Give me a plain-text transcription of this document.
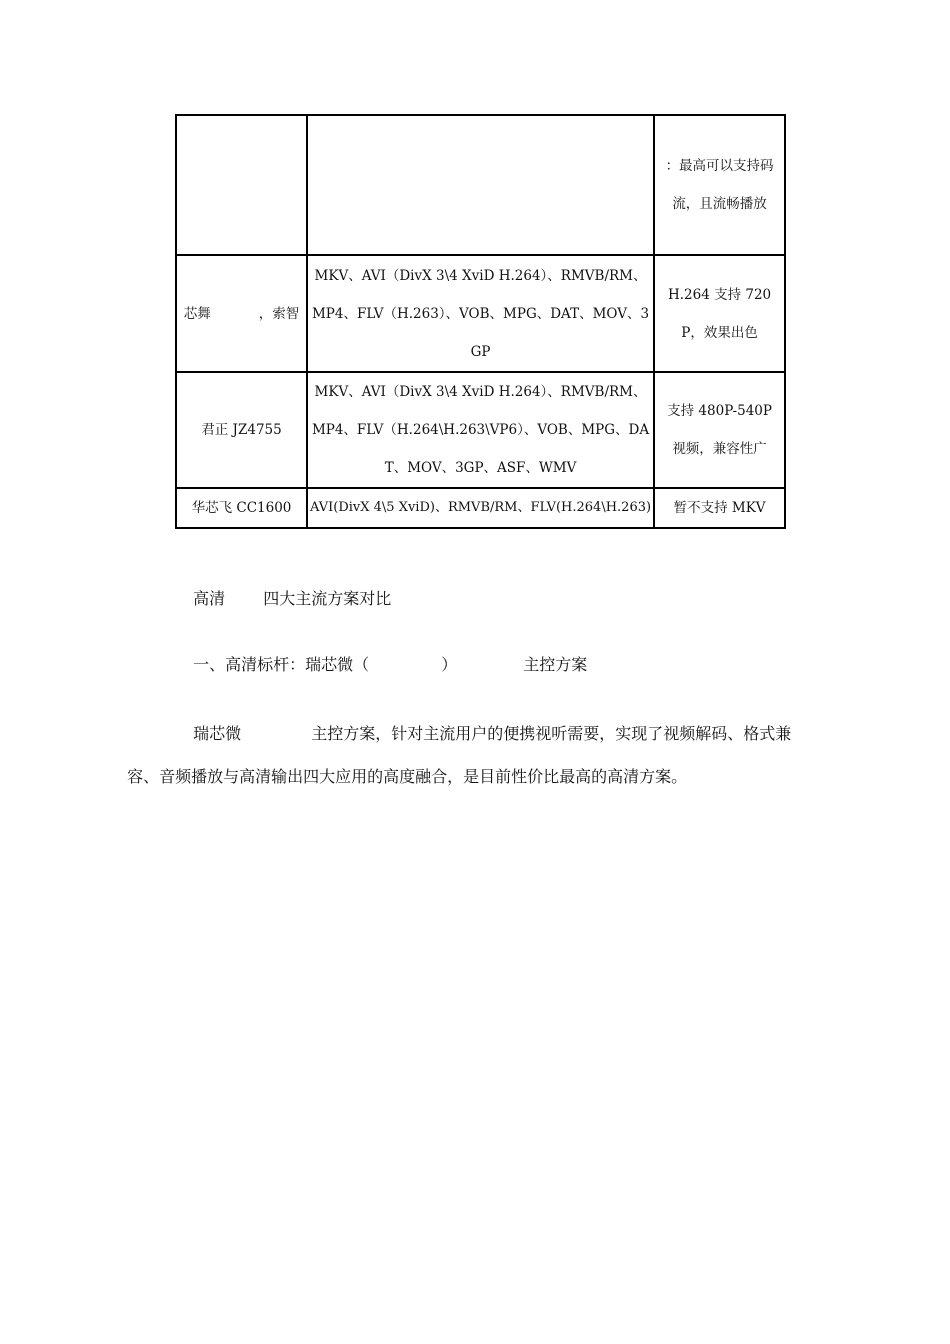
		：最高可以支持码流，且流畅播放
芯舞 ，索智	MKV、AVI（DivX 3\4 XviD H.264）、RMVB/RM、MP4、FLV（H.263）、VOB、MPG、DAT、MOV、3GP	H.264 支持 720P，效果出色
君正 JZ4755	MKV、AVI（DivX 3\4 XviD H.264）、RMVB/RM、MP4、FLV（H.264\H.263\VP6）、VOB、MPG、DAT、MOV、3GP、ASF、WMV	支持 480P-540P 视频，兼容性广
华芯飞 CC1600	AVI(DivX 4\5 XviD)、RMVB/RM、FLV(H.264\H.263)	暂不支持 MKV

高清 四大主流方案对比

一、高清标杆：瑞芯微（	）	主控方案

瑞芯微	主控方案，针对主流用户的便携视听需要，实现了视频解码、格式兼

容、音频播放与高清输出四大应用的高度融合，是目前性价比最高的高清方案。
